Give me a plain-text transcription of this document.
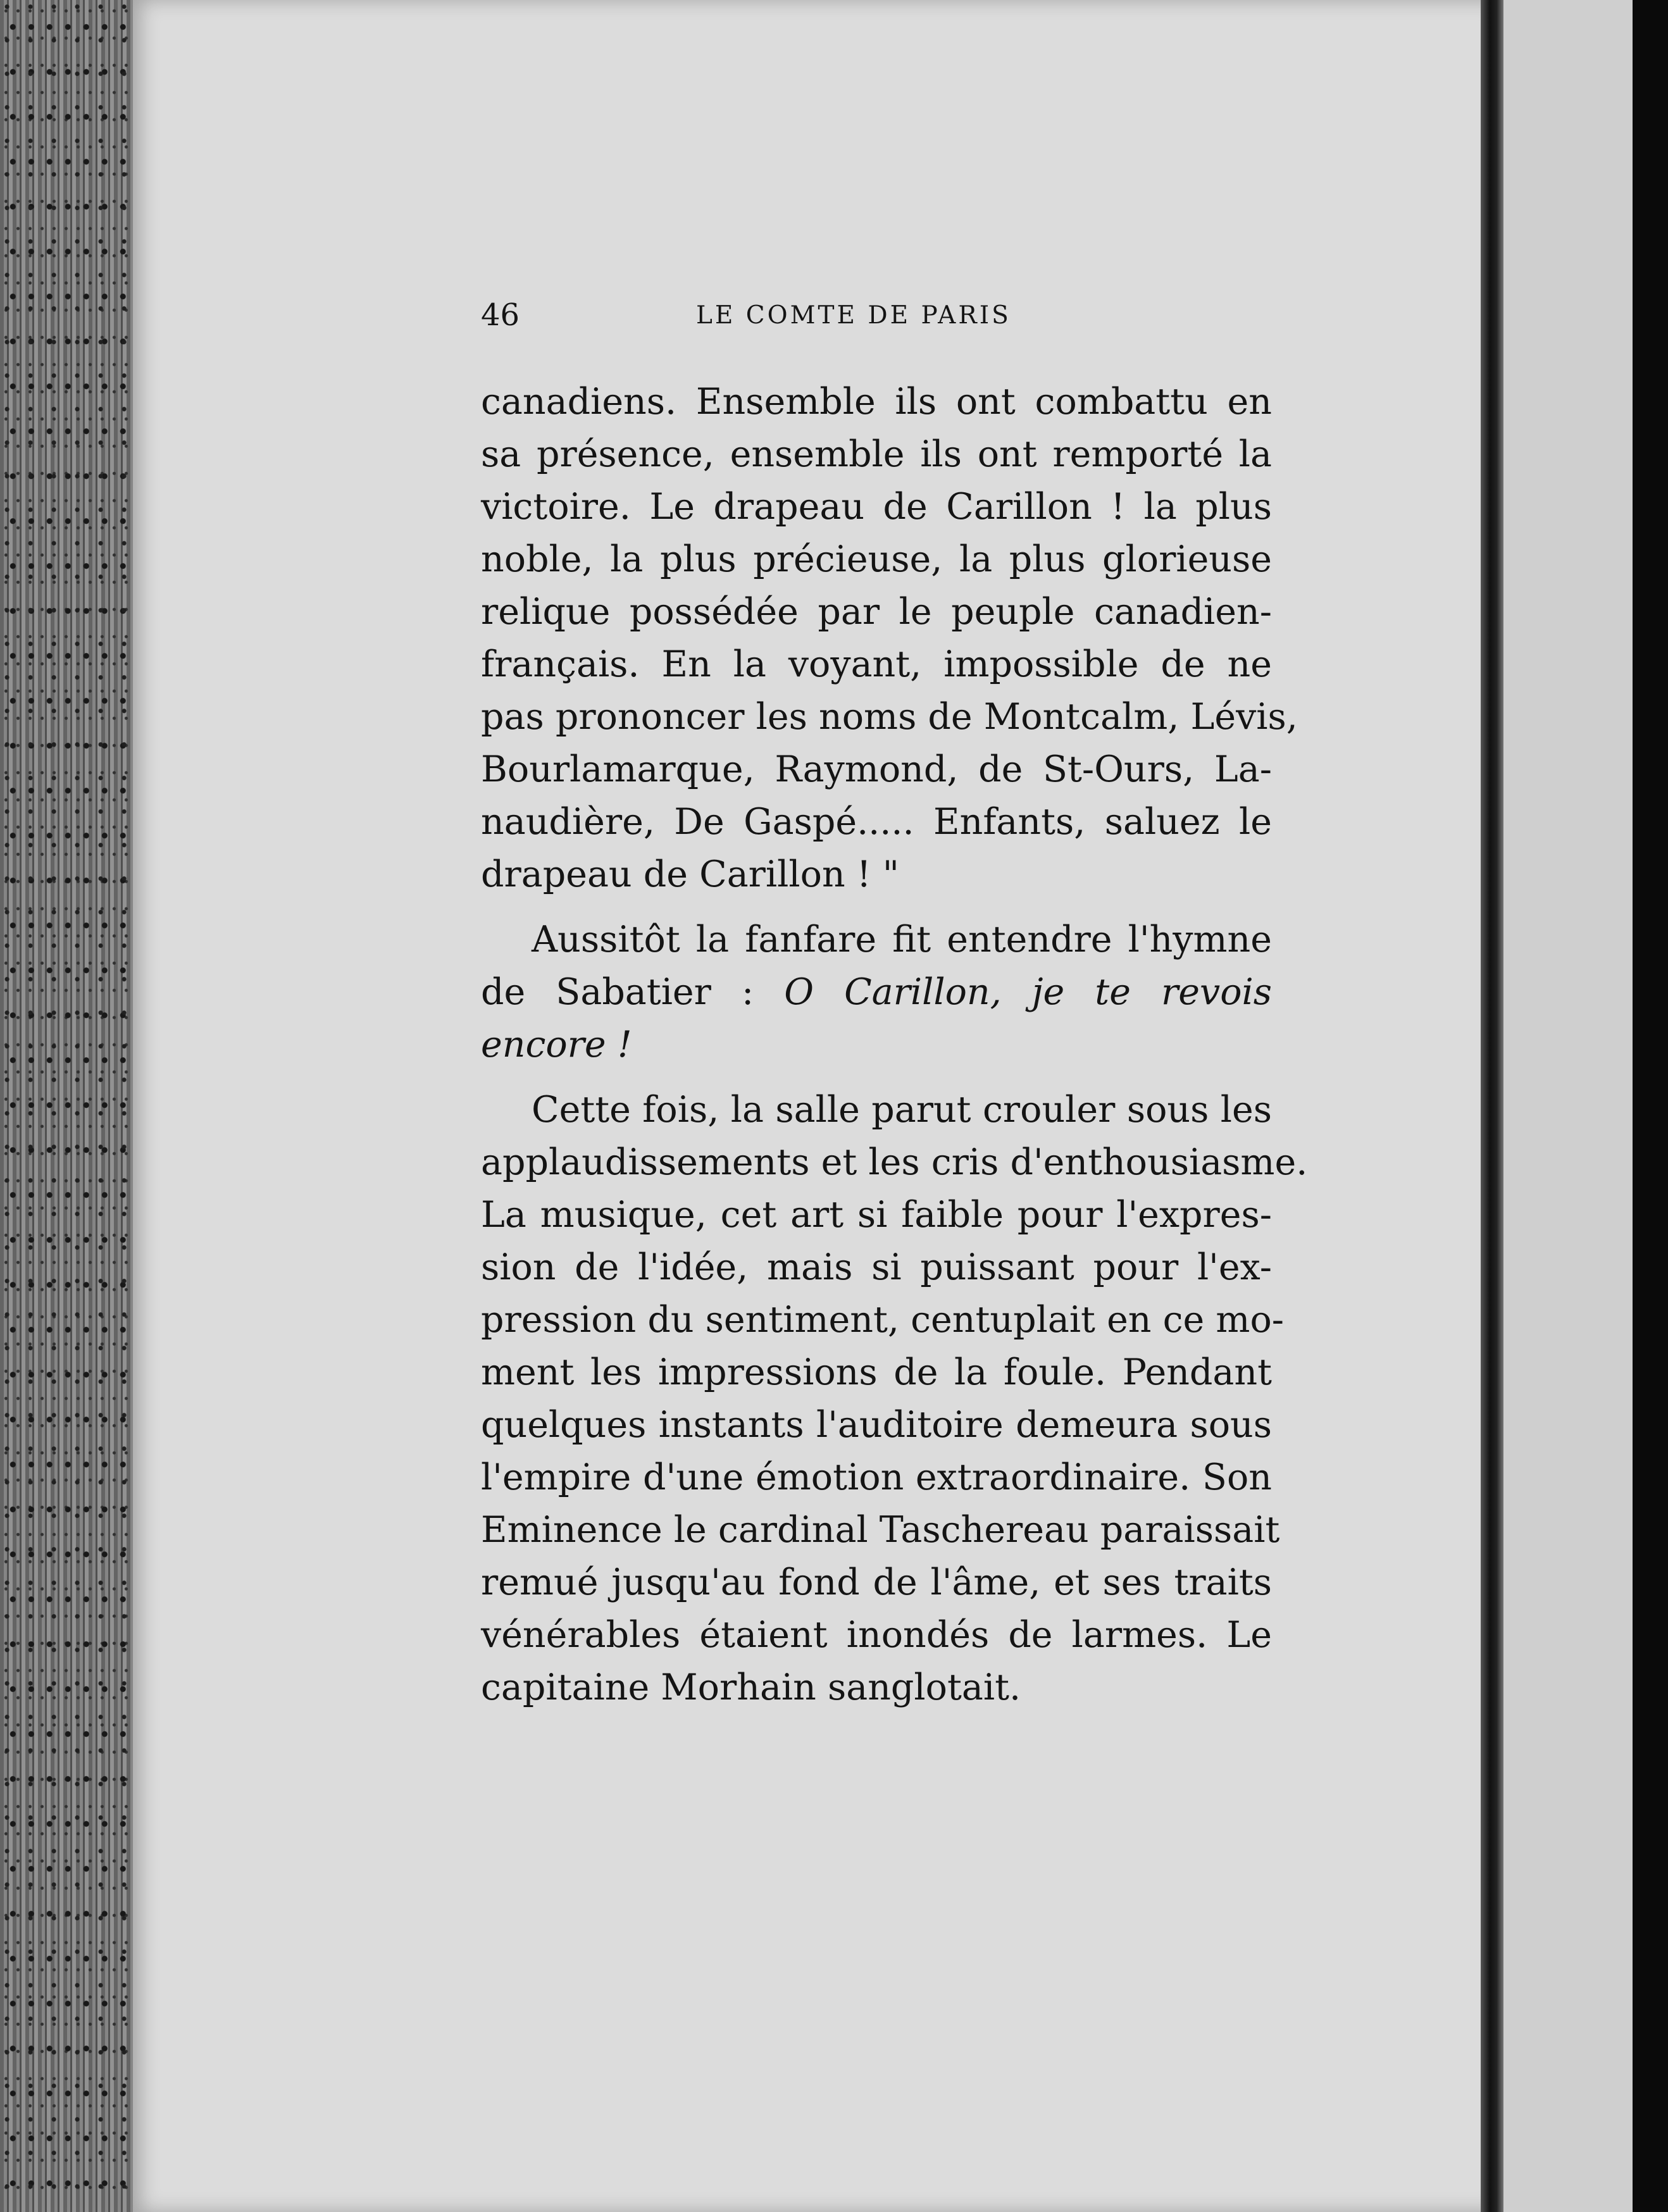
46	LE COMTE DE PARIS
canadiens. Ensemble ils ont combattu en
sa présence, ensemble ils ont remporté la
victoire. Le drapeau de Carillon ! la plus
noble, la plus précieuse, la plus glorieuse
relique possédée par le peuple canadien-
français. En la voyant, impossible de ne
pas prononcer les noms de Montcalm, Lévis,
Bourlamarque, Raymond, de St-Ours, La-
naudière, De Gaspé..... Enfants, saluez le
drapeau de Carillon ! "
Aussitôt la fanfare fit entendre l'hymne
de Sabatier : O Carillon, je te revois
encore !
Cette fois, la salle parut crouler sous les
applaudissements et les cris d'enthousiasme.
La musique, cet art si faible pour l'expres-
sion de l'idée, mais si puissant pour l'ex-
pression du sentiment, centuplait en ce mo-
ment les impressions de la foule. Pendant
quelques instants l'auditoire demeura sous
l'empire d'une émotion extraordinaire. Son
Eminence le cardinal Taschereau paraissait
remué jusqu'au fond de l'âme, et ses traits
vénérables étaient inondés de larmes. Le
capitaine Morhain sanglotait.
